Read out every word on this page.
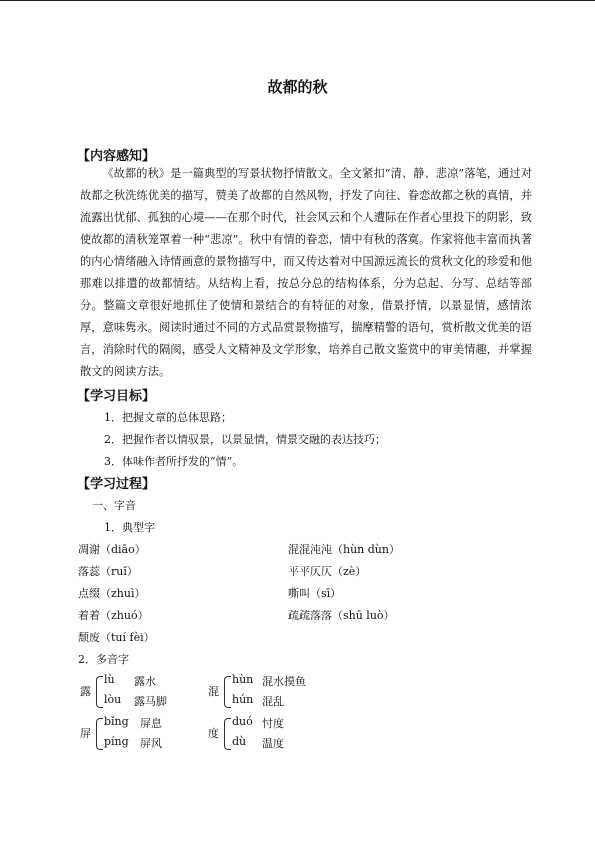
故都的秋
【内容感知】

《故都的秋》是一篇典型的写景状物抒情散文。全文紧扣“清、静、悲凉”落笔，通过对故都之秋洗练优美的描写，赞美了故都的自然风物，抒发了向往、眷恋故都之秋的真情，并流露出忧郁、孤独的心境——在那个时代，社会风云和个人遭际在作者心里投下的阴影，致使故都的清秋笼罩着一种“悲凉”。秋中有情的眷恋，情中有秋的落寞。作家将他丰富而执著的内心情绪融入诗情画意的景物描写中，而又传达着对中国源远流长的赏秋文化的珍爱和他那难以排遣的故都情结。从结构上看，按总分总的结构体系，分为总起、分写、总结等部分。整篇文章很好地抓住了使情和景结合的有特征的对象，借景抒情，以景显情，感情浓厚，意味隽永。阅读时通过不同的方式品赏景物描写，揣摩精警的语句，赏析散文优美的语言，消除时代的隔阂，感受人文精神及文学形象，培养自己散文鉴赏中的审美情趣，并掌握散文的阅读方法。

【学习目标】
1．把握文章的总体思路；
2．把握作者以情驭景，以景显情，情景交融的表达技巧；
3．体味作者所抒发的“情”。
【学习过程】
一、字音
1．典型字
凋谢（diāo）	混混沌沌（hùn dùn）
落蕊（ruǐ）	平平仄仄（zè）
点缀（zhuì）	嘶叫（sī）
着着（zhuó）	疏疏落落（shū luò）
颓废（tuí fèi）
2．多音字
露
lù 露水
lòu 露马脚
混
hùn 混水摸鱼
hún 混乱
屏
bǐng 屏息
píng 屏风
度
duó 忖度
dù 温度
